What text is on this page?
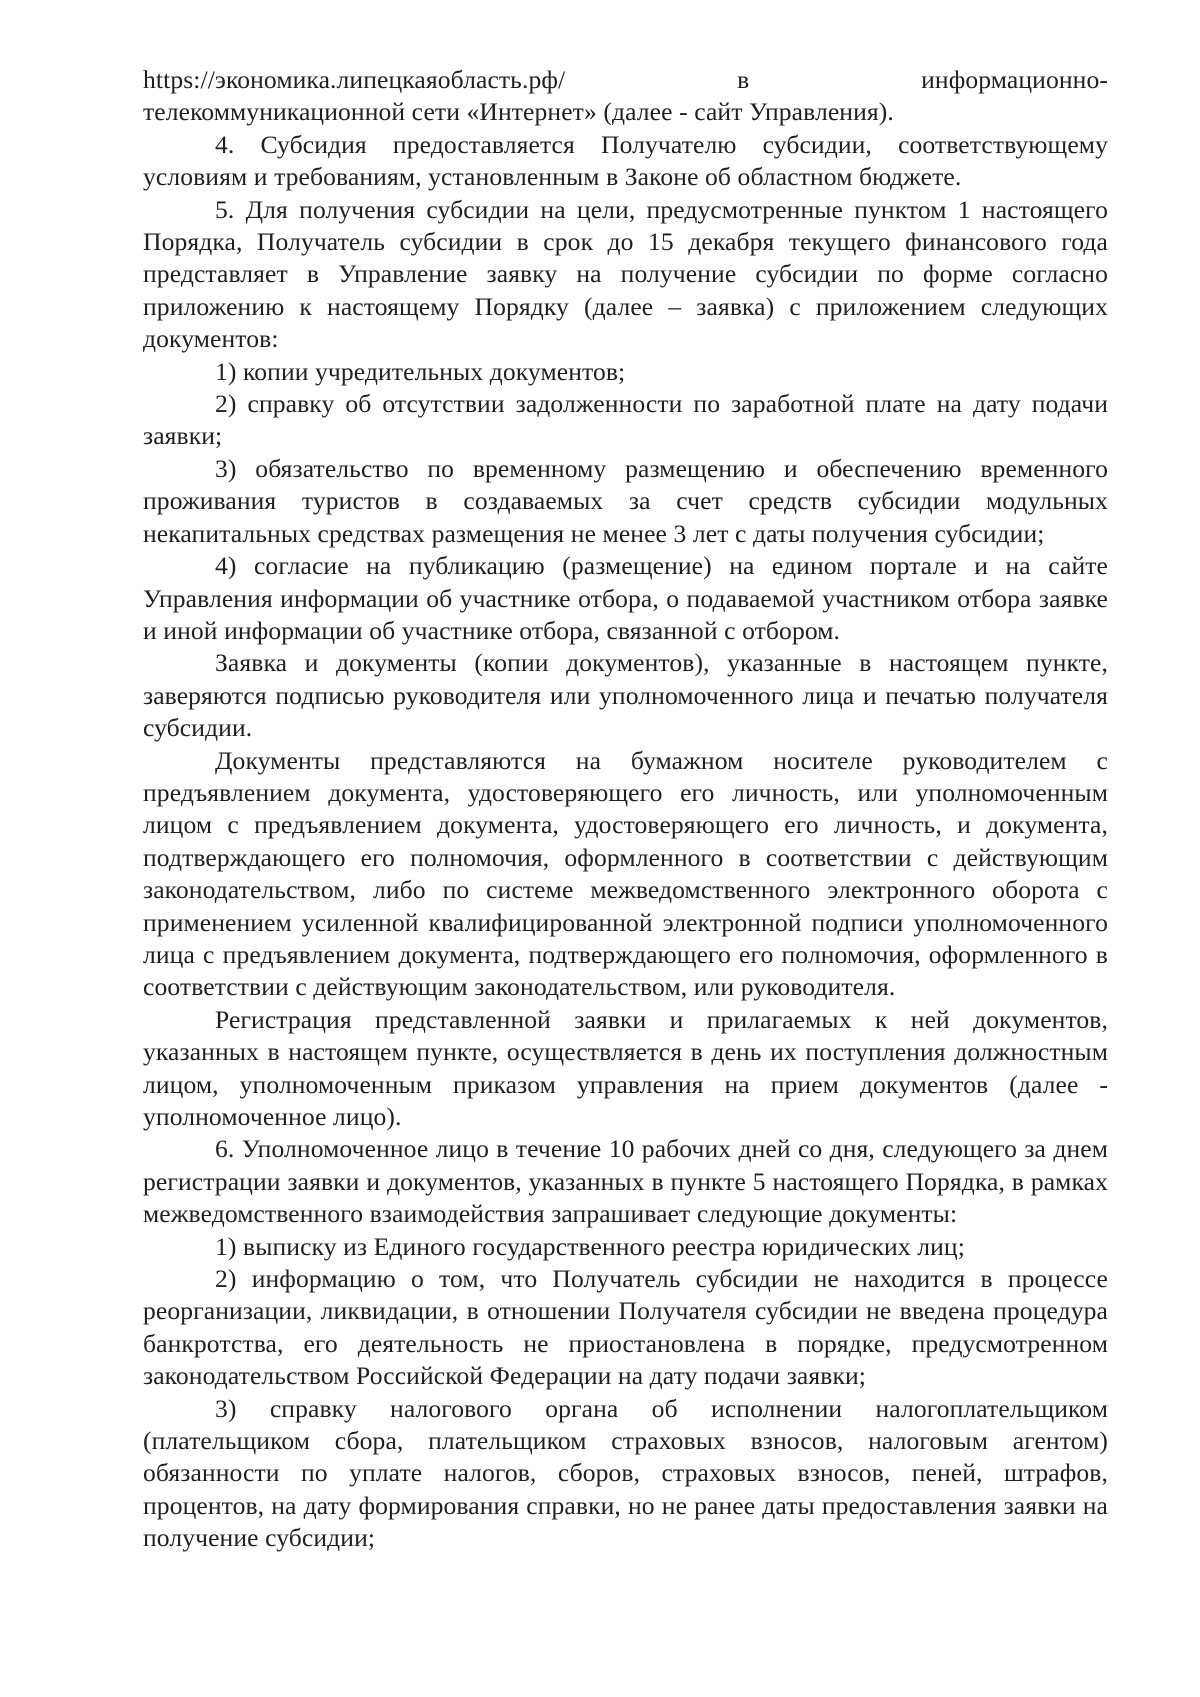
https://экономика.липецкаяобласть.рф/	в	информационно-

телекоммуникационной сети «Интернет» (далее - сайт Управления).

4. Субсидия предоставляется Получателю субсидии, соответствующему условиям и требованиям, установленным в Законе об областном бюджете.

5. Для получения субсидии на цели, предусмотренные пунктом 1 настоящего Порядка, Получатель субсидии в срок до 15 декабря текущего финансового года представляет в Управление заявку на получение субсидии по форме согласно приложению к настоящему Порядку (далее – заявка) с приложением следующих документов:

1) копии учредительных документов;

2) справку об отсутствии задолженности по заработной плате на дату подачи заявки;

3) обязательство по временному размещению и обеспечению временного проживания туристов в создаваемых за счет средств субсидии модульных некапитальных средствах размещения не менее 3 лет с даты получения субсидии;

4) согласие на публикацию (размещение) на едином портале и на сайте Управления информации об участнике отбора, о подаваемой участником отбора заявке и иной информации об участнике отбора, связанной с отбором.

Заявка и документы (копии документов), указанные в настоящем пункте, заверяются подписью руководителя или уполномоченного лица и печатью получателя субсидии.

Документы представляются на бумажном носителе руководителем с предъявлением документа, удостоверяющего его личность, или уполномоченным лицом с предъявлением документа, удостоверяющего его личность, и документа, подтверждающего его полномочия, оформленного в соответствии с действующим законодательством, либо по системе межведомственного электронного оборота с применением усиленной квалифицированной электронной подписи уполномоченного лица с предъявлением документа, подтверждающего его полномочия, оформленного в соответствии с действующим законодательством, или руководителя.

Регистрация представленной заявки и прилагаемых к ней документов, указанных в настоящем пункте, осуществляется в день их поступления должностным лицом, уполномоченным приказом управления на прием документов (далее - уполномоченное лицо).

6. Уполномоченное лицо в течение 10 рабочих дней со дня, следующего за днем регистрации заявки и документов, указанных в пункте 5 настоящего Порядка, в рамках межведомственного взаимодействия запрашивает следующие документы:

1) выписку из Единого государственного реестра юридических лиц;

2) информацию о том, что Получатель субсидии не находится в процессе реорганизации, ликвидации, в отношении Получателя субсидии не введена процедура банкротства, его деятельность не приостановлена в порядке, предусмотренном законодательством Российской Федерации на дату подачи заявки;

3) справку налогового органа об исполнении налогоплательщиком (плательщиком сбора, плательщиком страховых взносов, налоговым агентом) обязанности по уплате налогов, сборов, страховых взносов, пеней, штрафов, процентов, на дату формирования справки, но не ранее даты предоставления заявки на получение субсидии;
